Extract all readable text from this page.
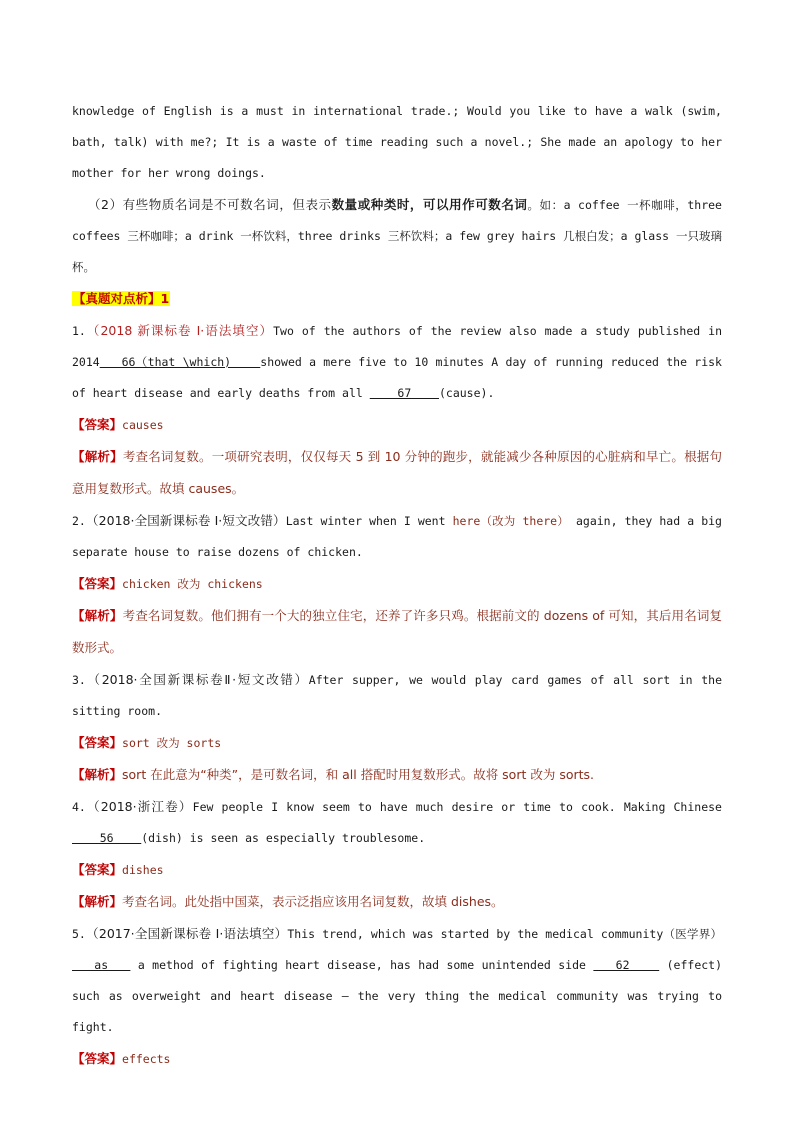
knowledge of English is a must in international trade.; Would you like to have a walk (swim, bath, talk) with me?; It is a waste of time reading such a novel.; She made an apology to her mother for her wrong doings.

（2）有些物质名词是不可数名词，但表示数量或种类时，可以用作可数名词。如：a coffee 一杯咖啡，three coffees 三杯咖啡；a drink 一杯饮料，three drinks 三杯饮料；a few grey hairs 几根白发；a glass 一只玻璃杯。

【真题对点析】1

1.（2018 新课标卷 I·语法填空）Two of the authors of the review also made a study published in 2014   66（that \which)    showed a mere five to 10 minutes A day of running reduced the risk of heart disease and early deaths from all     67    (cause).

【答案】causes

【解析】考查名词复数。一项研究表明，仅仅每天 5 到 10 分钟的跑步，就能减少各种原因的心脏病和早亡。根据句意用复数形式。故填 causes。

2.（2018·全国新课标卷 I·短文改错）Last winter when I went here（改为 there） again, they had a big separate house to raise dozens of chicken.

【答案】chicken 改为 chickens

【解析】考查名词复数。他们拥有一个大的独立住宅，还养了许多只鸡。根据前文的 dozens of 可知，其后用名词复数形式。

3.（2018·全国新课标卷Ⅱ·短文改错）After supper, we would play card games of all sort in the sitting room.

【答案】sort 改为 sorts

【解析】sort 在此意为“种类”，是可数名词，和 all 搭配时用复数形式。故将 sort 改为 sorts.

4.（2018·浙江卷）Few people I know seem to have much desire or time to cook. Making Chinese     56    (dish) is seen as especially troublesome.

【答案】dishes

【解析】考查名词。此处指中国菜，表示泛指应该用名词复数，故填 dishes。

5.（2017·全国新课标卷 I·语法填空）This trend, which was started by the medical community（医学界）    as    a method of fighting heart disease, has had some unintended side    62     (effect) such as overweight and heart disease — the very thing the medical community was trying to fight.

【答案】effects
